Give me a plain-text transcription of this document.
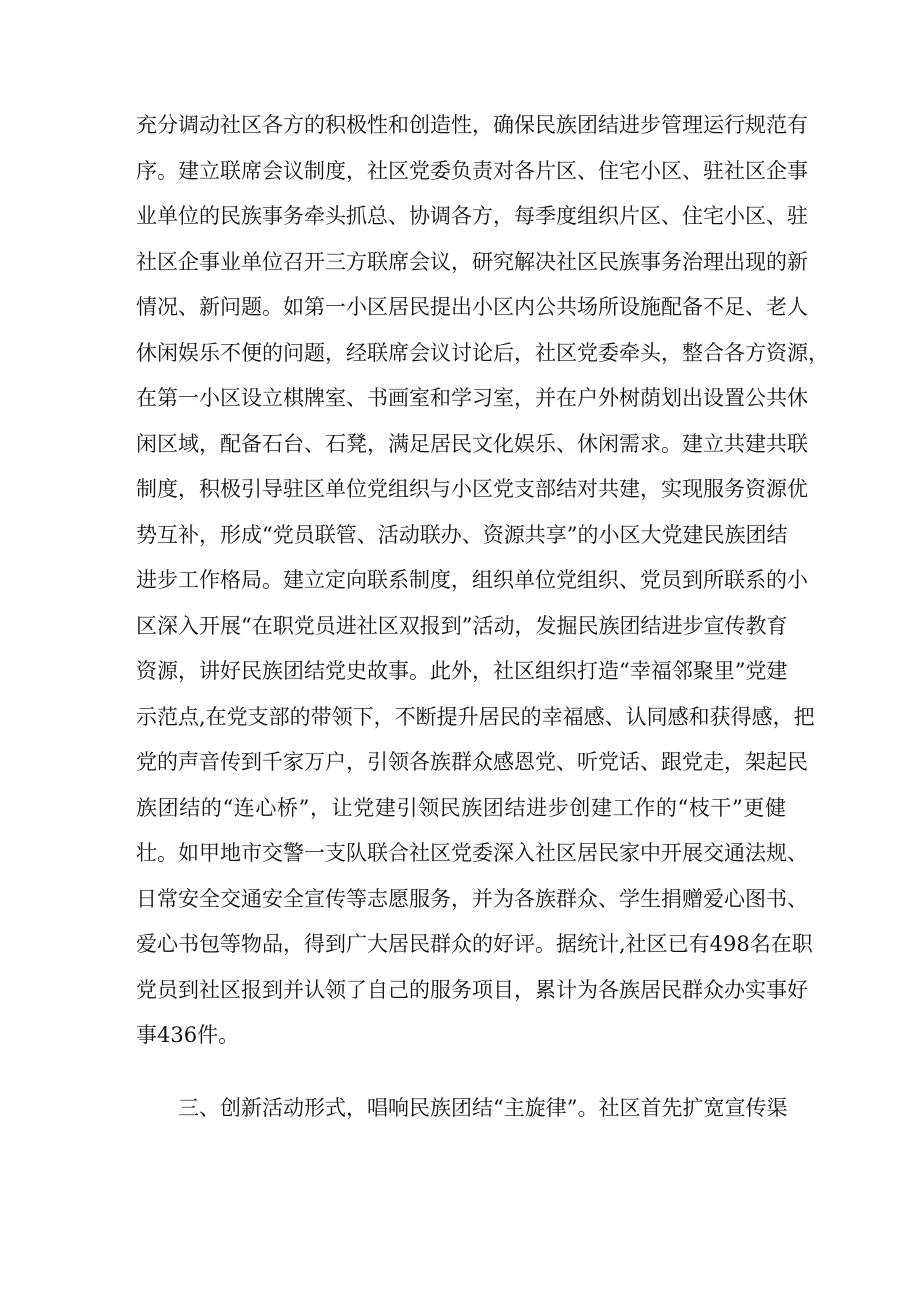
充分调动社区各方的积极性和创造性，确保民族团结进步管理运行规范有
序。建立联席会议制度，社区党委负责对各片区、住宅小区、驻社区企事
业单位的民族事务牵头抓总、协调各方，每季度组织片区、住宅小区、驻
社区企事业单位召开三方联席会议，研究解决社区民族事务治理出现的新
情况、新问题。如第一小区居民提出小区内公共场所设施配备不足、老人
休闲娱乐不便的问题，经联席会议讨论后，社区党委牵头，整合各方资源，
在第一小区设立棋牌室、书画室和学习室，并在户外树荫划出设置公共休
闲区域，配备石台、石凳，满足居民文化娱乐、休闲需求。建立共建共联
制度，积极引导驻区单位党组织与小区党支部结对共建，实现服务资源优
势互补，形成“党员联管、活动联办、资源共享”的小区大党建民族团结
进步工作格局。建立定向联系制度，组织单位党组织、党员到所联系的小
区深入开展“在职党员进社区双报到”活动，发掘民族团结进步宣传教育
资源，讲好民族团结党史故事。此外，社区组织打造“幸福邻聚里”党建
示范点,在党支部的带领下，不断提升居民的幸福感、认同感和获得感，把
党的声音传到千家万户，引领各族群众感恩党、听党话、跟党走，架起民
族团结的“连心桥”，让党建引领民族团结进步创建工作的“枝干”更健
壮。如甲地市交警一支队联合社区党委深入社区居民家中开展交通法规、
日常安全交通安全宣传等志愿服务，并为各族群众、学生捐赠爱心图书、
爱心书包等物品，得到广大居民群众的好评。据统计,社区已有498名在职
党员到社区报到并认领了自己的服务项目，累计为各族居民群众办实事好
事436件。
　　三、创新活动形式，唱响民族团结“主旋律”。社区首先扩宽宣传渠
